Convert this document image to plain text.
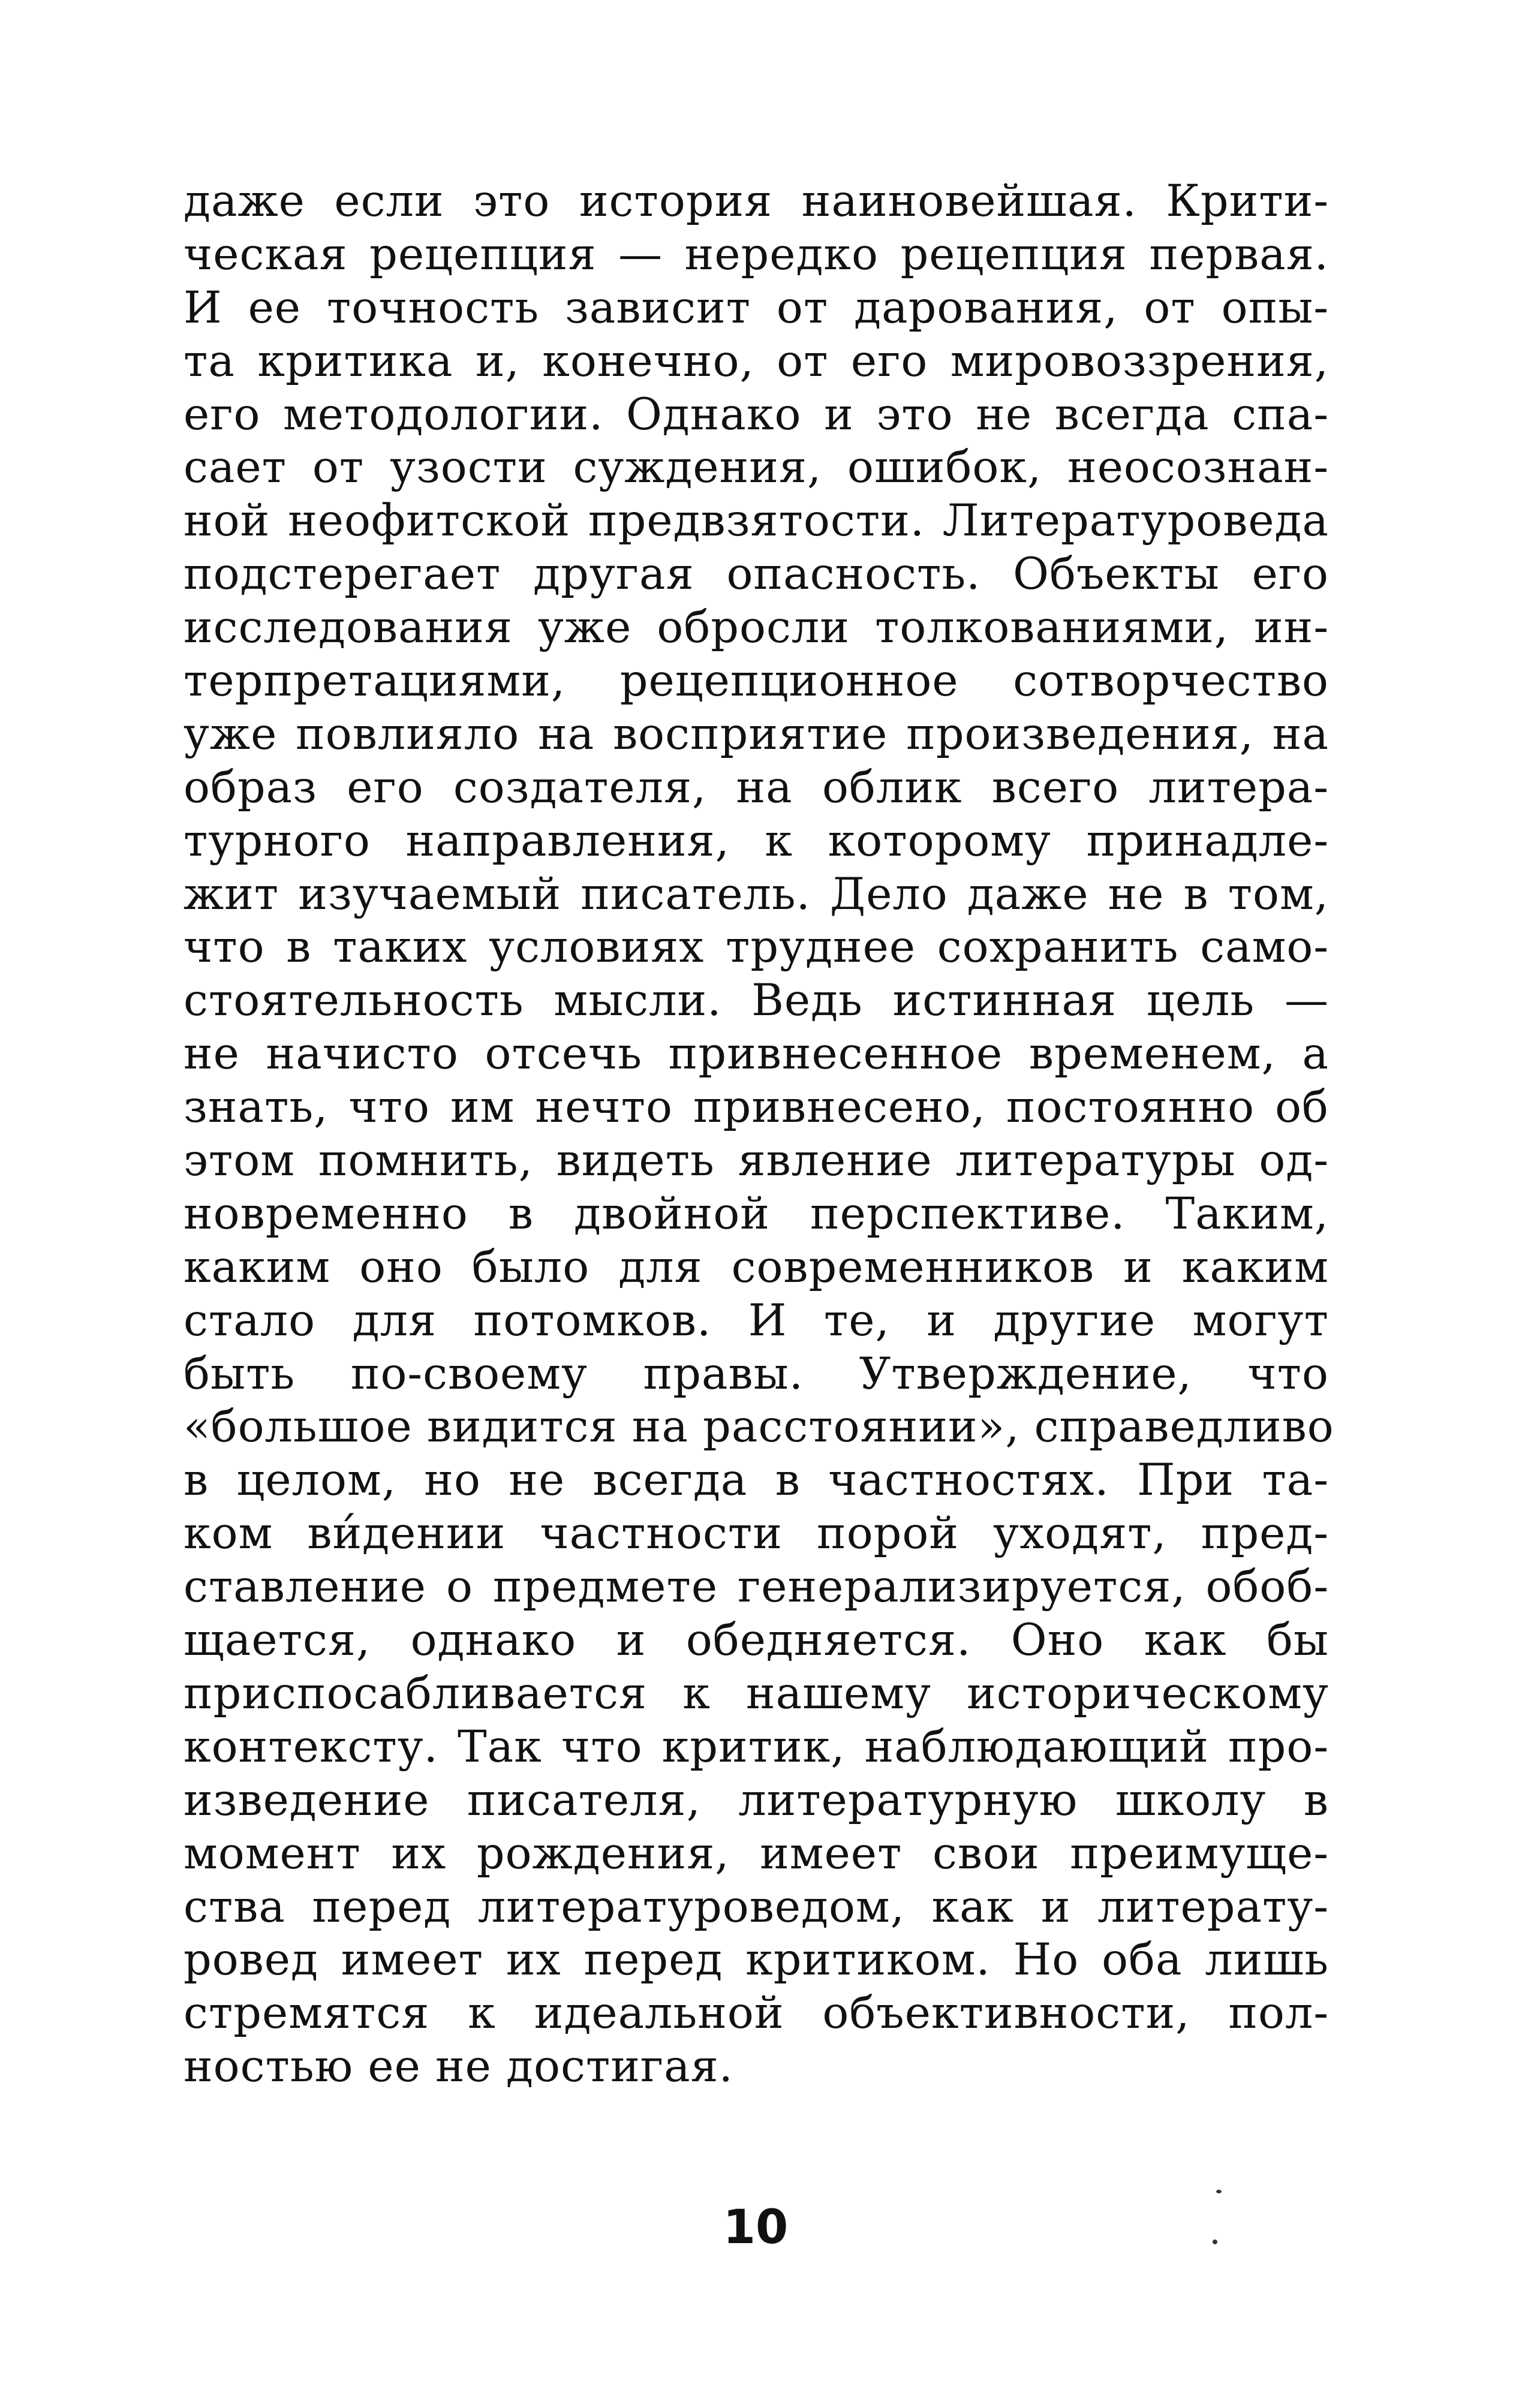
даже если это история наиновейшая. Крити-
ческая рецепция — нередко рецепция первая.
И ее точность зависит от дарования, от опы-
та критика и, конечно, от его мировоззрения,
его методологии. Однако и это не всегда спа-
сает от узости суждения, ошибок, неосознан-
ной неофитской предвзятости. Литературоведа
подстерегает другая опасность. Объекты его
исследования уже обросли толкованиями, ин-
терпретациями, рецепционное сотворчество
уже повлияло на восприятие произведения, на
образ его создателя, на облик всего литера-
турного направления, к которому принадле-
жит изучаемый писатель. Дело даже не в том,
что в таких условиях труднее сохранить само-
стоятельность мысли. Ведь истинная цель —
не начисто отсечь привнесенное временем, а
знать, что им нечто привнесено, постоянно об
этом помнить, видеть явление литературы од-
новременно в двойной перспективе. Таким,
каким оно было для современников и каким
стало для потомков. И те, и другие могут
быть по-своему правы. Утверждение, что
«большое видится на расстоянии», справедливо
в целом, но не всегда в частностях. При та-
ком ви́дении частности порой уходят, пред-
ставление о предмете генерализируется, обоб-
щается, однако и обедняется. Оно как бы
приспосабливается к нашему историческому
контексту. Так что критик, наблюдающий про-
изведение писателя, литературную школу в
момент их рождения, имеет свои преимуще-
ства перед литературоведом, как и литерату-
ровед имеет их перед критиком. Но оба лишь
стремятся к идеальной объективности, пол-
ностью ее не достигая.
10
